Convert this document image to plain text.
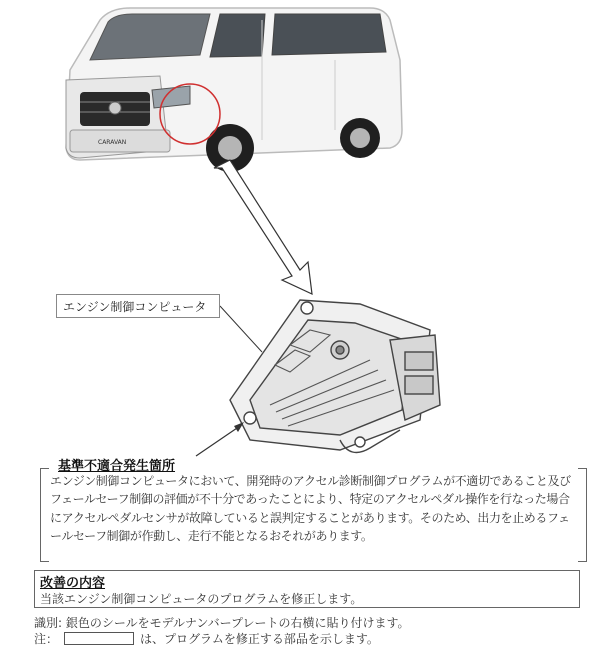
CARAVAN
エンジン制御コンピュータ
基準不適合発生箇所
エンジン制御コンピュータにおいて、開発時のアクセル診断制御プログラムが不適切であること及びフェールセーフ制御の評価が不十分であったことにより、特定のアクセルペダル操作を行なった場合にアクセルペダルセンサが故障していると誤判定することがあります。そのため、出力を止めるフェールセーフ制御が作動し、走行不能となるおそれがあります。
改善の内容
当該エンジン制御コンピュータのプログラムを修正します。
識別: 銀色のシールをモデルナンバープレートの右横に貼り付けます。
注：	は、プログラムを修正する部品を示します。
